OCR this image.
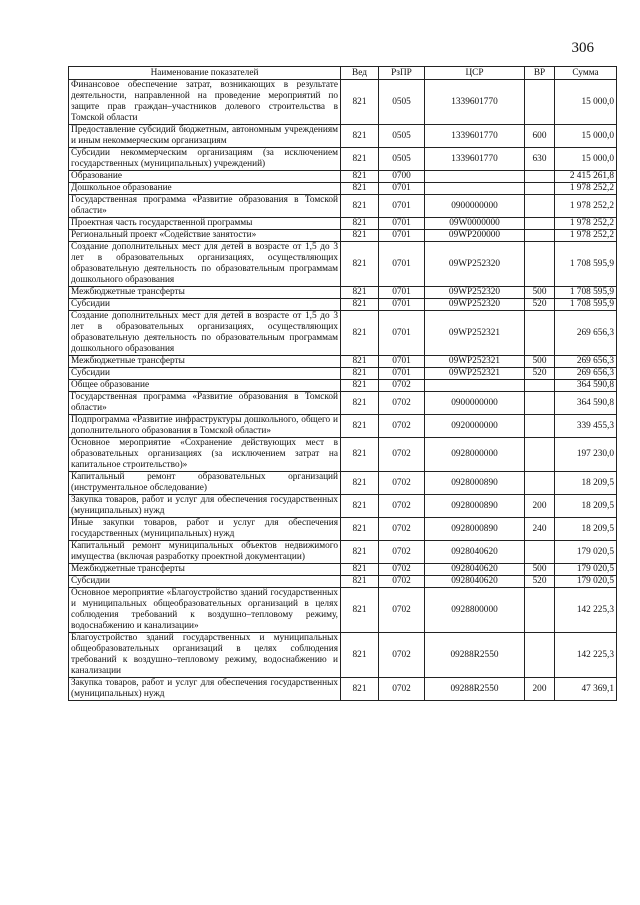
306
Наименование показателей	Вед	РзПР	ЦСР	ВР	Сумма
Финансовое обеспечение затрат, возникающих в результате деятельности, направленной на проведение мероприятий по защите прав граждан–участников долевого строительства в Томской области	821	0505	1339601770		15 000,0
Предоставление субсидий бюджетным, автономным учреждениям и иным некоммерческим организациям	821	0505	1339601770	600	15 000,0
Субсидии некоммерческим организациям (за исключением государственных (муниципальных) учреждений)	821	0505	1339601770	630	15 000,0
Образование	821	0700			2 415 261,8
Дошкольное образование	821	0701			1 978 252,2
Государственная программа «Развитие образования в Томской области»	821	0701	0900000000		1 978 252,2
Проектная часть государственной программы	821	0701	09W0000000		1 978 252,2
Региональный проект «Содействие занятости»	821	0701	09WP200000		1 978 252,2
Создание дополнительных мест для детей в возрасте от 1,5 до 3 лет в образовательных организациях, осуществляющих образовательную деятельность по образовательным программам дошкольного образования	821	0701	09WP252320		1 708 595,9
Межбюджетные трансферты	821	0701	09WP252320	500	1 708 595,9
Субсидии	821	0701	09WP252320	520	1 708 595,9
Создание дополнительных мест для детей в возрасте от 1,5 до 3 лет в образовательных организациях, осуществляющих образовательную деятельность по образовательным программам дошкольного образования	821	0701	09WP252321		269 656,3
Межбюджетные трансферты	821	0701	09WP252321	500	269 656,3
Субсидии	821	0701	09WP252321	520	269 656,3
Общее образование	821	0702			364 590,8
Государственная программа «Развитие образования в Томской области»	821	0702	0900000000		364 590,8
Подпрограмма «Развитие инфраструктуры дошкольного, общего и дополнительного образования в Томской области»	821	0702	0920000000		339 455,3
Основное мероприятие «Сохранение действующих мест в образовательных организациях (за исключением затрат на капитальное строительство)»	821	0702	0928000000		197 230,0
Капитальный ремонт образовательных организаций (инструментальное обследование)	821	0702	0928000890		18 209,5
Закупка товаров, работ и услуг для обеспечения государственных (муниципальных) нужд	821	0702	0928000890	200	18 209,5
Иные закупки товаров, работ и услуг для обеспечения государственных (муниципальных) нужд	821	0702	0928000890	240	18 209,5
Капитальный ремонт муниципальных объектов недвижимого имущества (включая разработку проектной документации)	821	0702	0928040620		179 020,5
Межбюджетные трансферты	821	0702	0928040620	500	179 020,5
Субсидии	821	0702	0928040620	520	179 020,5
Основное мероприятие «Благоустройство зданий государственных и муниципальных общеобразовательных организаций в целях соблюдения требований к воздушно–тепловому режиму, водоснабжению и канализации»	821	0702	0928800000		142 225,3
Благоустройство зданий государственных и муниципальных общеобразовательных организаций в целях соблюдения требований к воздушно–тепловому режиму, водоснабжению и канализации	821	0702	09288R2550		142 225,3
Закупка товаров, работ и услуг для обеспечения государственных (муниципальных) нужд	821	0702	09288R2550	200	47 369,1
